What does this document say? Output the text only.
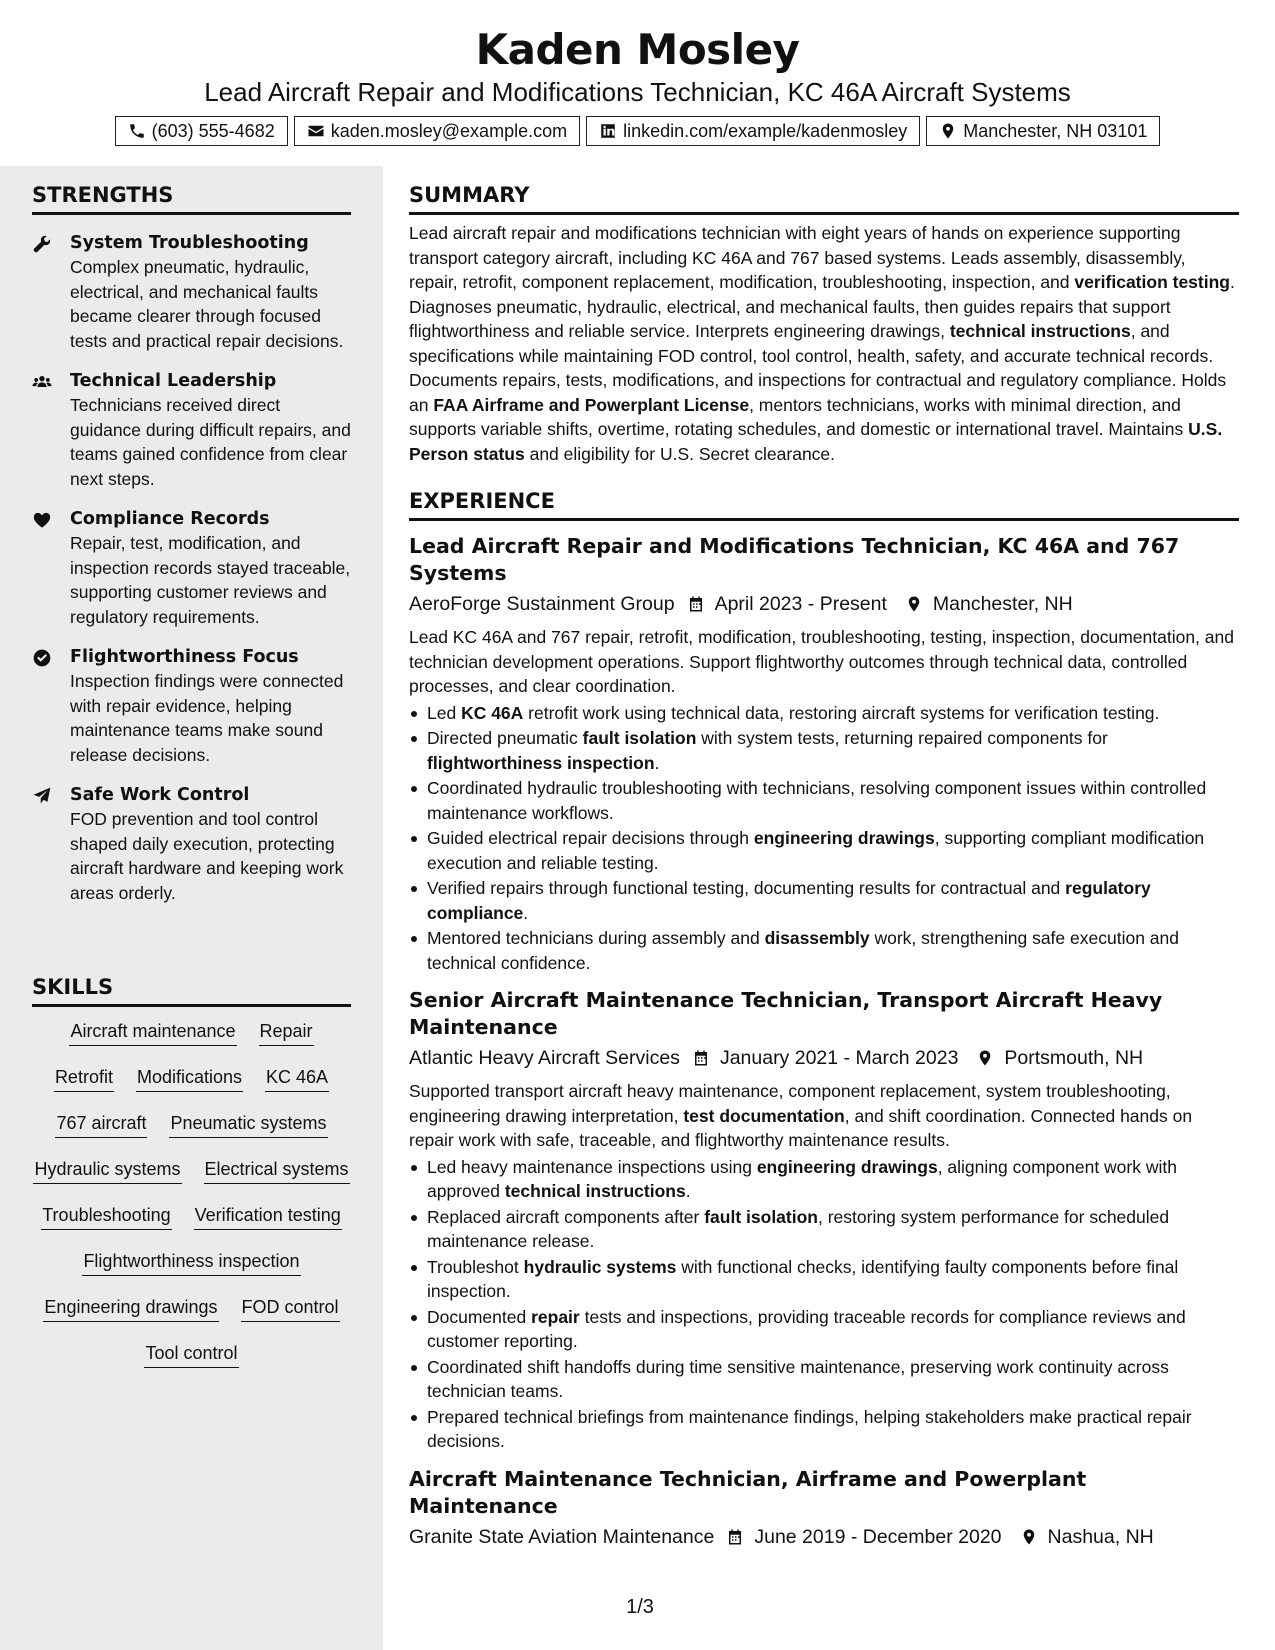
Kaden Mosley
Lead Aircraft Repair and Modifications Technician, KC 46A Aircraft Systems
(603) 555-4682	kaden.mosley@example.com	linkedin.com/example/kadenmosley	Manchester, NH 03101
STRENGTHS
System Troubleshooting
Complex pneumatic, hydraulic, electrical, and mechanical faults became clearer through focused tests and practical repair decisions.
Technical Leadership
Technicians received direct guidance during difficult repairs, and teams gained confidence from clear next steps.
Compliance Records
Repair, test, modification, and inspection records stayed traceable, supporting customer reviews and regulatory requirements.
Flightworthiness Focus
Inspection findings were connected with repair evidence, helping maintenance teams make sound release decisions.
Safe Work Control
FOD prevention and tool control shaped daily execution, protecting aircraft hardware and keeping work areas orderly.
SKILLS
Aircraft maintenance Repair
Retrofit Modifications KC 46A
767 aircraft Pneumatic systems
Hydraulic systems Electrical systems
Troubleshooting Verification testing
Flightworthiness inspection
Engineering drawings FOD control
Tool control
SUMMARY

Lead aircraft repair and modifications technician with eight years of hands on experience supporting transport category aircraft, including KC 46A and 767 based systems. Leads assembly, disassembly, repair, retrofit, component replacement, modification, troubleshooting, inspection, and verification testing. Diagnoses pneumatic, hydraulic, electrical, and mechanical faults, then guides repairs that support flightworthiness and reliable service. Interprets engineering drawings, technical instructions, and specifications while maintaining FOD control, tool control, health, safety, and accurate technical records. Documents repairs, tests, modifications, and inspections for contractual and regulatory compliance. Holds an FAA Airframe and Powerplant License, mentors technicians, works with minimal direction, and supports variable shifts, overtime, rotating schedules, and domestic or international travel. Maintains U.S. Person status and eligibility for U.S. Secret clearance.

EXPERIENCE
Lead Aircraft Repair and Modifications Technician, KC 46A and 767 Systems
AeroForge Sustainment Group April 2023 - Present Manchester, NH

Lead KC 46A and 767 repair, retrofit, modification, troubleshooting, testing, inspection, documentation, and technician development operations. Support flightworthy outcomes through technical data, controlled processes, and clear coordination.

Led KC 46A retrofit work using technical data, restoring aircraft systems for verification testing.
Directed pneumatic fault isolation with system tests, returning repaired components for flightworthiness inspection.
Coordinated hydraulic troubleshooting with technicians, resolving component issues within controlled maintenance workflows.
Guided electrical repair decisions through engineering drawings, supporting compliant modification execution and reliable testing.
Verified repairs through functional testing, documenting results for contractual and regulatory compliance.
Mentored technicians during assembly and disassembly work, strengthening safe execution and technical confidence.
Senior Aircraft Maintenance Technician, Transport Aircraft Heavy Maintenance
Atlantic Heavy Aircraft Services January 2021 - March 2023 Portsmouth, NH

Supported transport aircraft heavy maintenance, component replacement, system troubleshooting, engineering drawing interpretation, test documentation, and shift coordination. Connected hands on repair work with safe, traceable, and flightworthy maintenance results.

Led heavy maintenance inspections using engineering drawings, aligning component work with approved technical instructions.
Replaced aircraft components after fault isolation, restoring system performance for scheduled maintenance release.
Troubleshot hydraulic systems with functional checks, identifying faulty components before final inspection.
Documented repair tests and inspections, providing traceable records for compliance reviews and customer reporting.
Coordinated shift handoffs during time sensitive maintenance, preserving work continuity across technician teams.
Prepared technical briefings from maintenance findings, helping stakeholders make practical repair decisions.
Aircraft Maintenance Technician, Airframe and Powerplant Maintenance
Granite State Aviation Maintenance June 2019 - December 2020 Nashua, NH
1/3
